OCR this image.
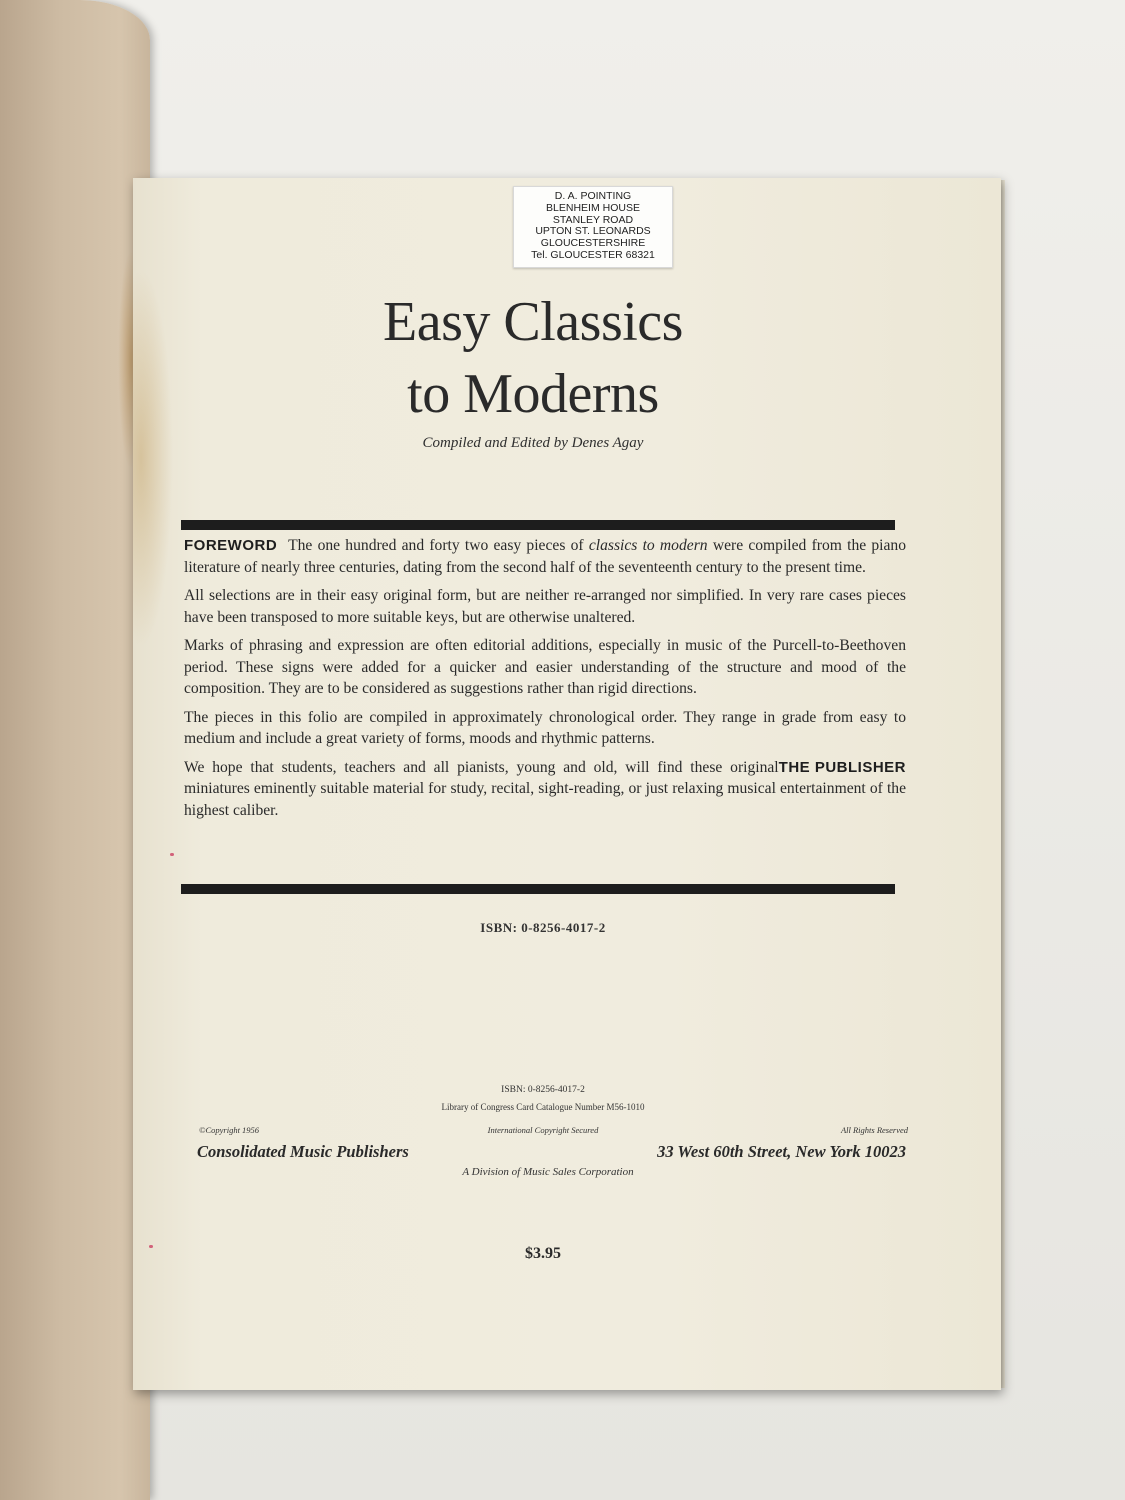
D. A. POINTING
BLENHEIM HOUSE
STANLEY ROAD
UPTON ST. LEONARDS
GLOUCESTERSHIRE
Tel. GLOUCESTER 68321
Easy Classics
to Moderns
Compiled and Edited by Denes Agay

FOREWORD The one hundred and forty two easy pieces of classics to modern were compiled from the piano literature of nearly three centuries, dating from the second half of the seventeenth century to the present time.

All selections are in their easy original form, but are neither re-arranged nor simplified. In very rare cases pieces have been transposed to more suitable keys, but are otherwise unaltered.

Marks of phrasing and expression are often editorial additions, especially in music of the Purcell-to-Beethoven period. These signs were added for a quicker and easier understanding of the structure and mood of the composition. They are to be considered as suggestions rather than rigid directions.

The pieces in this folio are compiled in approximately chronological order. They range in grade from easy to medium and include a great variety of forms, moods and rhythmic patterns.

THE PUBLISHER
We hope that students, teachers and all pianists, young and old, will find these original miniatures eminently suitable material for study, recital, sight-reading, or just relaxing musical entertainment of the highest caliber.

ISBN: 0-8256-4017-2
ISBN: 0-8256-4017-2
Library of Congress Card Catalogue Number M56-1010
©Copyright 1956	International Copyright Secured	All Rights Reserved
Consolidated Music Publishers	33 West 60th Street, New York 10023
A Division of Music Sales Corporation
$3.95
